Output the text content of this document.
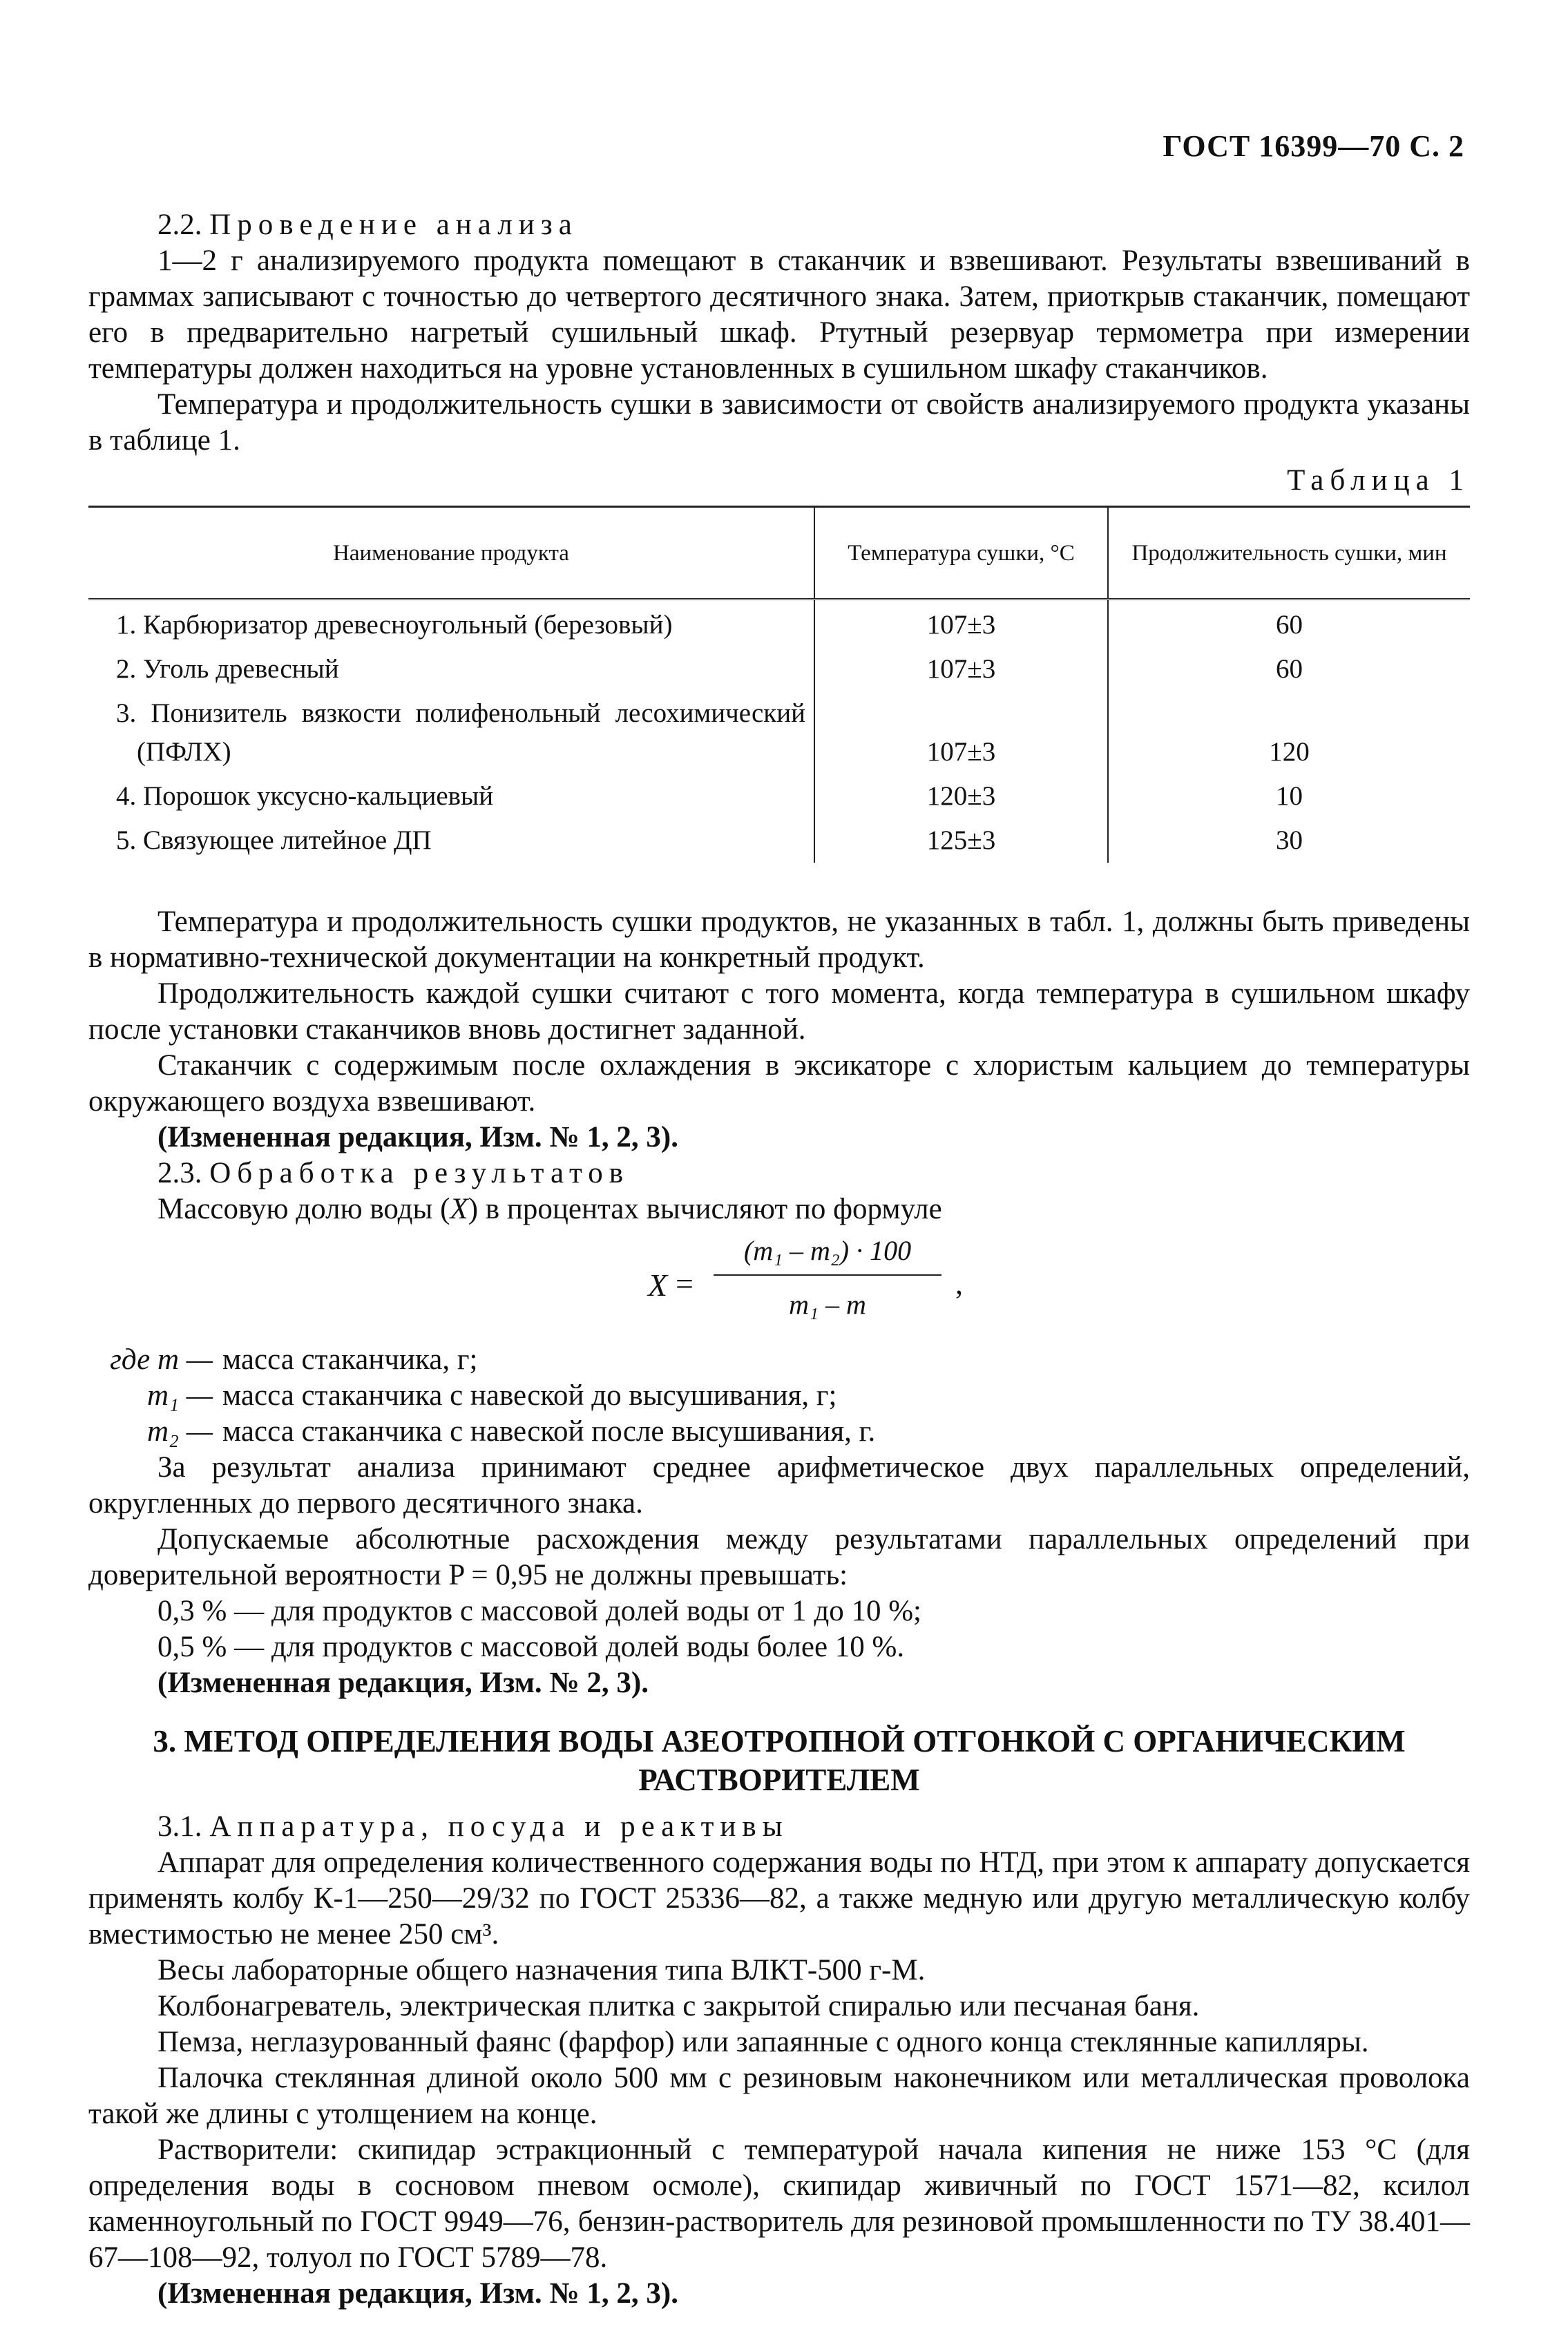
ГОСТ 16399—70 С. 2

2.2. Проведение анализа

1—2 г анализируемого продукта помещают в стаканчик и взвешивают. Результаты взвешиваний в граммах записывают с точностью до четвертого десятичного знака. Затем, приоткрыв стаканчик, помещают его в предварительно нагретый сушильный шкаф. Ртутный резервуар термометра при измерении температуры должен находиться на уровне установленных в сушильном шкафу стаканчиков.

Температура и продолжительность сушки в зависимости от свойств анализируемого продукта указаны в таблице 1.

Таблица 1
Наименование продукта	Температура сушки, °С	Продолжительность сушки, мин
1. Карбюризатор древесноугольный (березовый)	107±3	60
2. Уголь древесный	107±3	60
3. Понизитель вязкости полифенольный лесохимический (ПФЛХ)	107±3	120
4. Порошок уксусно-кальциевый	120±3	10
5. Связующее литейное ДП	125±3	30

Температура и продолжительность сушки продуктов, не указанных в табл. 1, должны быть приведены в нормативно-технической документации на конкретный продукт.

Продолжительность каждой сушки считают с того момента, когда температура в сушильном шкафу после установки стаканчиков вновь достигнет заданной.

Стаканчик с содержимым после охлаждения в эксикаторе с хлористым кальцием до температуры окружающего воздуха взвешивают.

(Измененная редакция, Изм. № 1, 2, 3).

2.3. Обработка результатов

Массовую долю воды (X) в процентах вычисляют по формуле

X =
(m₁ – m₂) · 100
m₁ – m
,
где m — масса стаканчика, г;
m₁ — масса стаканчика с навеской до высушивания, г;
m₂ — масса стаканчика с навеской после высушивания, г.

За результат анализа принимают среднее арифметическое двух параллельных определений, округленных до первого десятичного знака.

Допускаемые абсолютные расхождения между результатами параллельных определений при доверительной вероятности P = 0,95 не должны превышать:

0,3 % — для продуктов с массовой долей воды от 1 до 10 %;

0,5 % — для продуктов с массовой долей воды более 10 %.

(Измененная редакция, Изм. № 2, 3).

3. МЕТОД ОПРЕДЕЛЕНИЯ ВОДЫ АЗЕОТРОПНОЙ ОТГОНКОЙ С ОРГАНИЧЕСКИМ РАСТВОРИТЕЛЕМ

3.1. Аппаратура, посуда и реактивы

Аппарат для определения количественного содержания воды по НТД, при этом к аппарату допускается применять колбу К-1—250—29/32 по ГОСТ 25336—82, а также медную или другую металлическую колбу вместимостью не менее 250 см³.

Весы лабораторные общего назначения типа ВЛКТ-500 г-М.

Колбонагреватель, электрическая плитка с закрытой спиралью или песчаная баня.

Пемза, неглазурованный фаянс (фарфор) или запаянные с одного конца стеклянные капилляры.

Палочка стеклянная длиной около 500 мм с резиновым наконечником или металлическая проволока такой же длины с утолщением на конце.

Растворители: скипидар эстракционный с температурой начала кипения не ниже 153 °С (для определения воды в сосновом пневом осмоле), скипидар живичный по ГОСТ 1571—82, ксилол каменноугольный по ГОСТ 9949—76, бензин-растворитель для резиновой промышленности по ТУ 38.401—67—108—92, толуол по ГОСТ 5789—78.

(Измененная редакция, Изм. № 1, 2, 3).
